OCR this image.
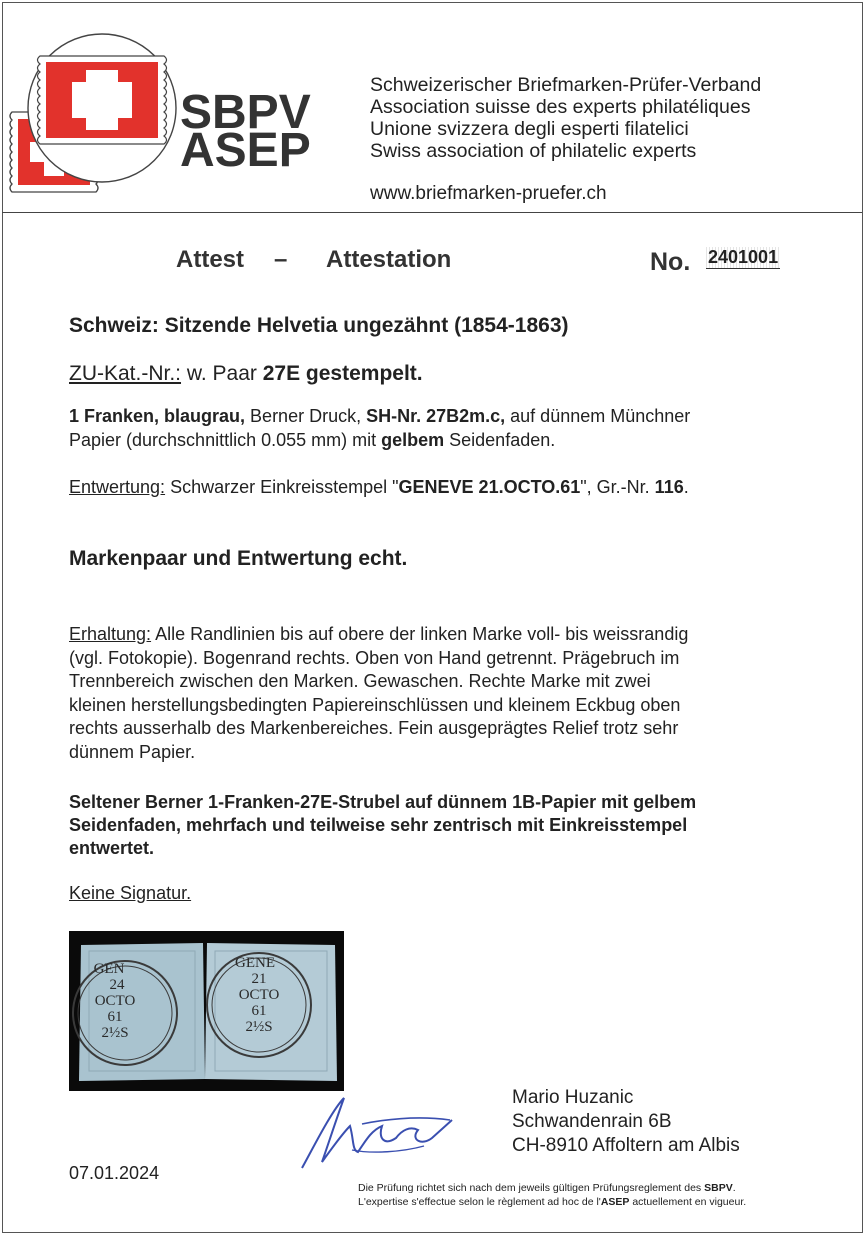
SBPV
ASEP
Schweizerischer Briefmarken-Prüfer-Verband
Association suisse des experts philatéliques
Unione svizzera degli esperti filatelici
Swiss association of philatelic experts
www.briefmarken-pruefer.ch
Attest – Attestation	No. 2401001
Schweiz: Sitzende Helvetia ungezähnt (1854-1863)
ZU-Kat.-Nr.: w. Paar 27E gestempelt.
1 Franken, blaugrau, Berner Druck, SH-Nr. 27B2m.c, auf dünnem Münchner
Papier (durchschnittlich 0.055 mm) mit gelbem Seidenfaden.
Entwertung: Schwarzer Einkreisstempel "GENEVE 21.OCTO.61", Gr.-Nr. 116.
Markenpaar und Entwertung echt.
Erhaltung: Alle Randlinien bis auf obere der linken Marke voll- bis weissrandig
(vgl. Fotokopie). Bogenrand rechts. Oben von Hand getrennt. Prägebruch im
Trennbereich zwischen den Marken. Gewaschen. Rechte Marke mit zwei
kleinen herstellungsbedingten Papiereinschlüssen und kleinem Eckbug oben
rechts ausserhalb des Markenbereiches. Fein ausgeprägtes Relief trotz sehr
dünnem Papier.
Seltener Berner 1-Franken-27E-Strubel auf dünnem 1B-Papier mit gelbem
Seidenfaden, mehrfach und teilweise sehr zentrisch mit Einkreisstempel
entwertet.
Keine Signatur.
GEN
24
OCTO
61
2½S
GENE
21
OCTO
61
2½S
Mario Huzanic
Schwandenrain 6B
CH-8910 Affoltern am Albis
07.01.2024
Die Prüfung richtet sich nach dem jeweils gültigen Prüfungsreglement des SBPV.
L'expertise s'effectue selon le règlement ad hoc de l'ASEP actuellement en vigueur.
